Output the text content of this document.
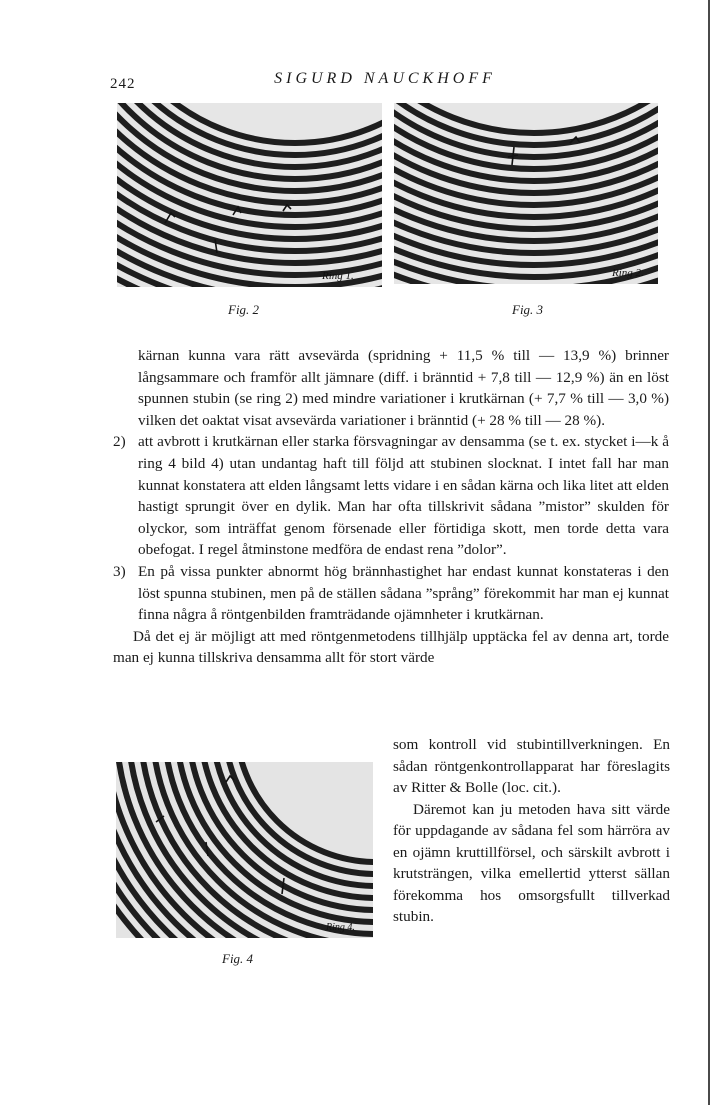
242	SIGURD NAUCKHOFF
Ring 1.
Fig. 2
Ring 2.
Fig. 3

kärnan kunna vara rätt avsevärda (spridning + 11,5 % till — 13,9 %) brinner långsammare och framför allt jämnare (diff. i bränntid + 7,8 till — 12,9 %) än en löst spunnen stubin (se ring 2) med mindre variationer i krutkärnan (+ 7,7 % till — 3,0 %) vilken det oaktat visat avsevärda variationer i bränntid (+ 28 % till — 28 %).

2) att avbrott i krutkärnan eller starka försvagningar av densamma (se t. ex. stycket i—k å ring 4 bild 4) utan undantag haft till följd att stubinen slocknat. I intet fall har man kunnat konstatera att elden långsamt letts vidare i en sådan kärna och lika litet att elden hastigt sprungit över en dylik. Man har ofta tillskrivit sådana ”mistor” skulden för olyckor, som inträffat genom försenade eller förtidiga skott, men torde detta vara obefogat. I regel åtminstone medföra de endast rena ”dolor”.

3) En på vissa punkter abnormt hög brännhastighet har endast kunnat konstateras i den löst spunna stubinen, men på de ställen sådana ”språng” förekommit har man ej kunnat finna några å röntgenbilden framträdande ojämnheter i krutkärnan.

Då det ej är möjligt att med röntgenmetodens tillhjälp upptäcka fel av denna art, torde man ej kunna tillskriva densamma allt för stort värde

Ring 4.
Fig. 4

som kontroll vid stubintillverkningen. En sådan röntgenkontrollapparat har föreslagits av Ritter & Bolle (loc. cit.).

Däremot kan ju metoden hava sitt värde för uppdagande av sådana fel som härröra av en ojämn kruttillförsel, och särskilt avbrott i krutsträngen, vilka emellertid ytterst sällan förekomma hos omsorgsfullt tillverkad stubin.
